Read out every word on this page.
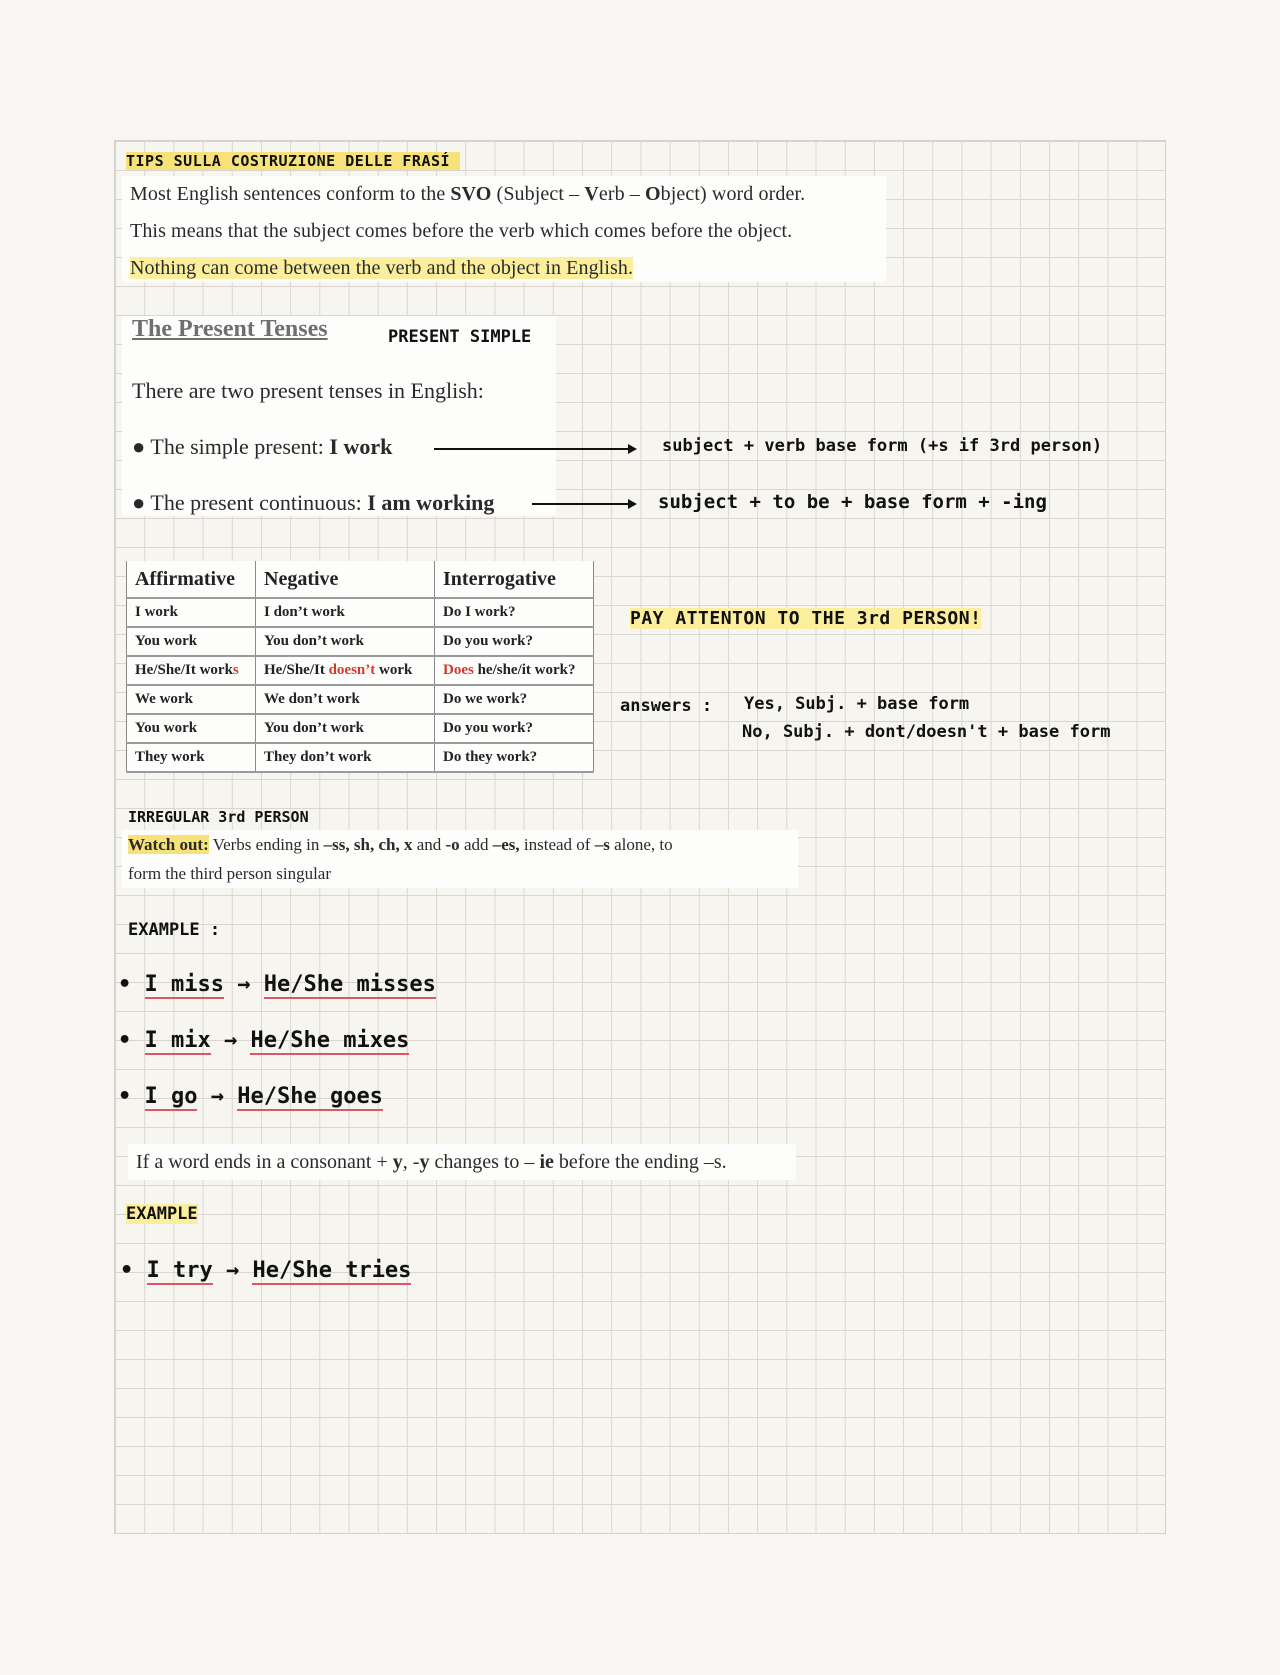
TIPS SULLA COSTRUZIONE DELLE FRASÍ

Most English sentences conform to the SVO (Subject – Verb – Object) word order.

This means that the subject comes before the verb which comes before the object.

Nothing can come between the verb and the object in English.

The Present Tenses	PRESENT SIMPLE
There are two present tenses in English:
● The simple present: I work
● The present continuous: I am working
subject + verb base form (+s if 3rd person)
subject + to be + base form + -ing
Affirmative	Negative	Interrogative
I work	I don’t work	Do I work?
You work	You don’t work	Do you work?
He/She/It works	He/She/It doesn’t work	Does he/she/it work?
We work	We don’t work	Do we work?
You work	You don’t work	Do you work?
They work	They don’t work	Do they work?
PAY ATTENTON TO THE 3rd PERSON!
answers : Yes, Subj. + base form
No, Subj. + dont/doesn't + base form
IRREGULAR 3rd PERSON
Watch out: Verbs ending in –ss, sh, ch, x and -o add –es, instead of –s alone, to
form the third person singular
EXAMPLE :
• I miss → He/She misses
• I mix → He/She mixes
• I go → He/She goes
If a word ends in a consonant + y, -y changes to – ie before the ending –s.
EXAMPLE
• I try → He/She tries
